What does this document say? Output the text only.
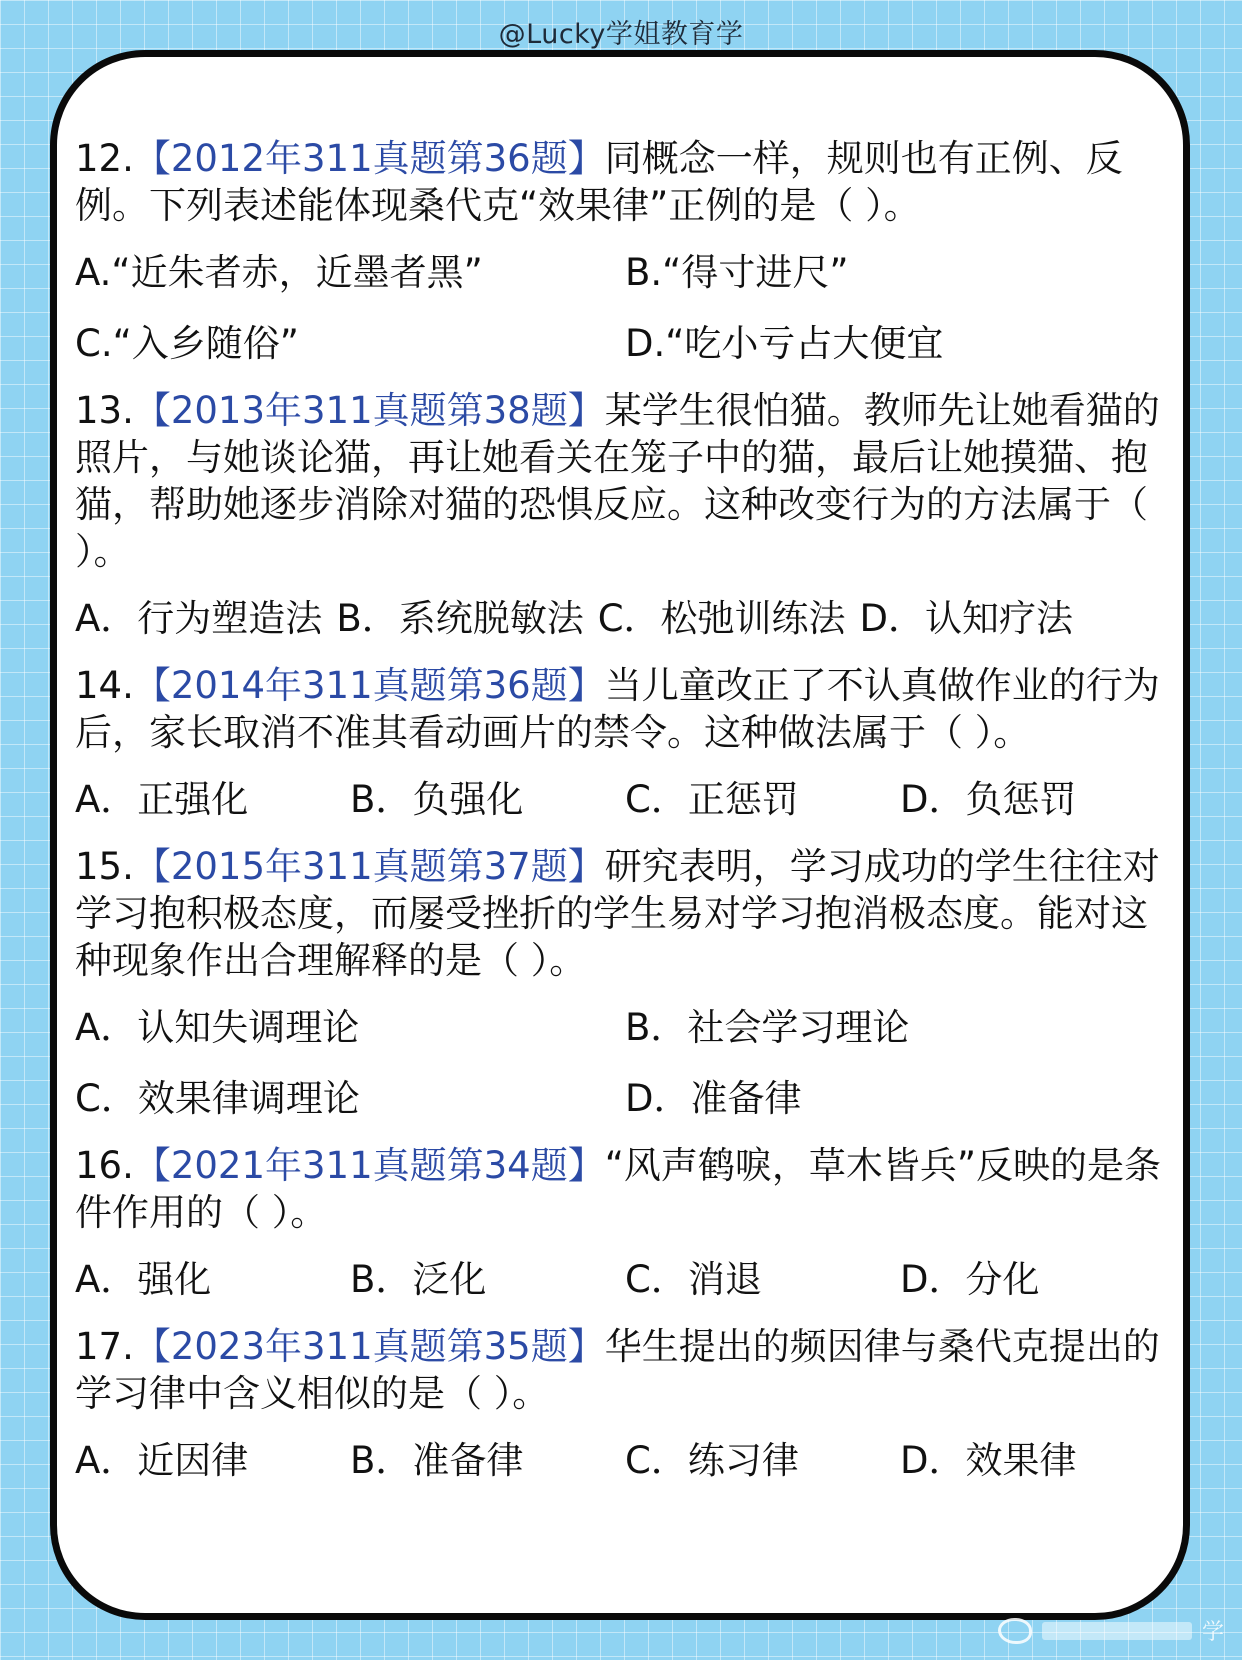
@Lucky学姐教育学

12.【2012年311真题第36题】同概念一样，规则也有正例、反例。下列表述能体现桑代克“效果律”正例的是（ ）。

A.“近朱者赤，近墨者黑”	B.“得寸进尺”
C.“入乡随俗”	D.“吃小亏占大便宜

13.【2013年311真题第38题】某学生很怕猫。教师先让她看猫的照片，与她谈论猫，再让她看关在笼子中的猫，最后让她摸猫、抱猫，帮助她逐步消除对猫的恐惧反应。这种改变行为的方法属于（ ）。

A．行为塑造法 B．系统脱敏法 C．松弛训练法 D．认知疗法

14.【2014年311真题第36题】当儿童改正了不认真做作业的行为后，家长取消不准其看动画片的禁令。这种做法属于（ ）。

A．正强化	B．负强化	C．正惩罚	D．负惩罚

15.【2015年311真题第37题】研究表明，学习成功的学生往往对学习抱积极态度，而屡受挫折的学生易对学习抱消极态度。能对这种现象作出合理解释的是（ ）。

A．认知失调理论	B．社会学习理论
C．效果律调理论	D．准备律

16.【2021年311真题第34题】“风声鹤唳，草木皆兵”反映的是条件作用的（ ）。

A．强化	B．泛化	C．消退	D．分化

17.【2023年311真题第35题】华生提出的频因律与桑代克提出的学习律中含义相似的是（ ）。

A．近因律	B．准备律	C．练习律	D．效果律
学
